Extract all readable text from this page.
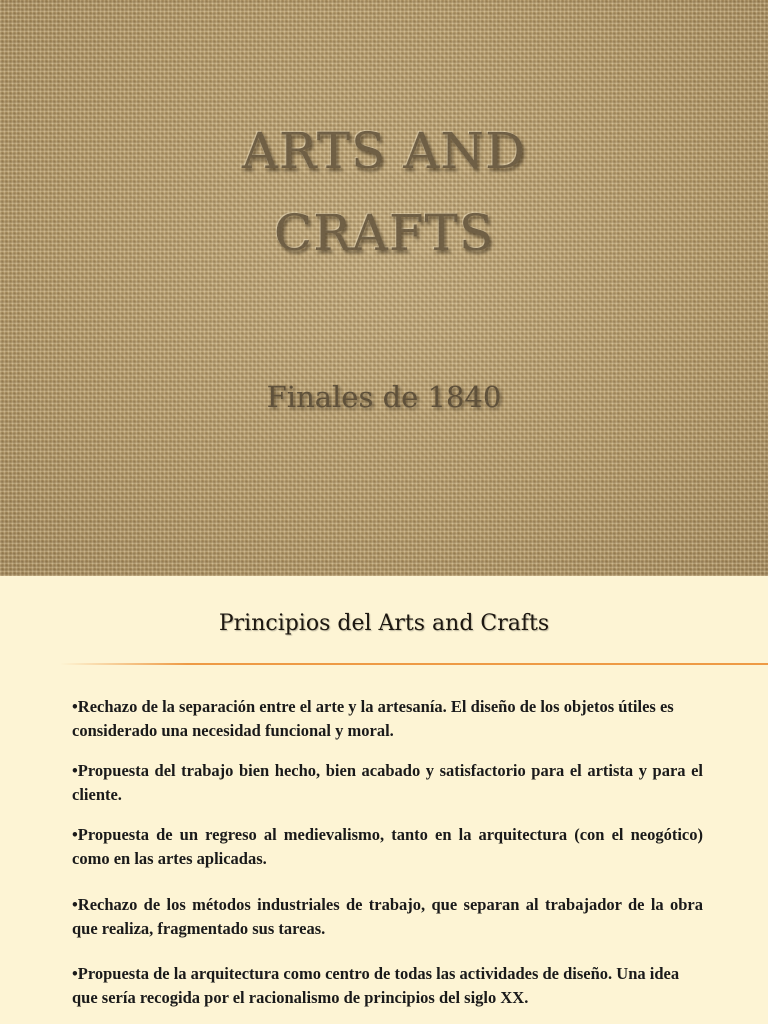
ARTS AND
CRAFTS
Finales de 1840
Principios del Arts and Crafts

•Rechazo de la separación entre el arte y la artesanía. El diseño de los objetos útiles es considerado una necesidad funcional y moral.

•Propuesta del trabajo bien hecho, bien acabado y satisfactorio para el artista y para el cliente.

•Propuesta de un regreso al medievalismo, tanto en la arquitectura (con el neogótico) como en las artes aplicadas.

•Rechazo de los métodos industriales de trabajo, que separan al trabajador de la obra que realiza, fragmentado sus tareas.

•Propuesta de la arquitectura como centro de todas las actividades de diseño. Una idea que sería recogida por el racionalismo de principios del siglo XX.
